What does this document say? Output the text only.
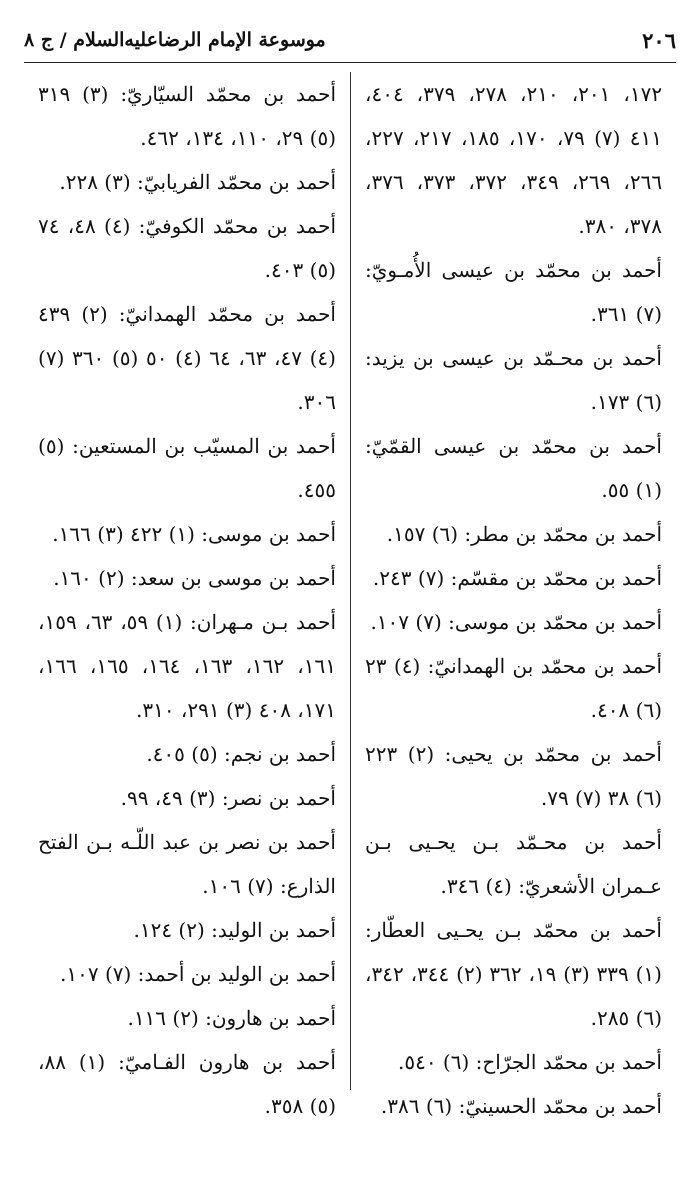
٢٠٦
موسوعة الإمام الرضاعليه‌السلام / ج ٨

١٧٢، ٢٠١، ٢١٠، ٢٧٨، ٣٧٩، ٤٠٤، ٤١١ (٧) ٧٩، ١٧٠، ١٨٥، ٢١٧، ٢٢٧، ٢٦٦، ٢٦٩، ٣٤٩، ٣٧٢، ٣٧٣، ٣٧٦، ٣٧٨، ٣٨٠.

أحمد بن محمّد بن عيسى الأُمـويّ: (٧) ٣٦١.

أحمد بن محـمّد بن عيسى بن يزيد: (٦) ١٧٣.

أحمد بن محمّد بن عيسى القمّيّ: (١) ٥٥.

أحمد بن محمّد بن مطر: (٦) ١٥٧.

أحمد بن محمّد بن مقسّم: (٧) ٢٤٣.

أحمد بن محمّد بن موسى: (٧) ١٠٧.

أحمد بن محمّد بن الهمدانيّ: (٤) ٢٣ (٦) ٤٠٨.

أحمد بن محمّد بن يحيى: (٢) ٢٢٣ (٦) ٣٨ (٧) ٧٩.

أحمد بن محـمّد بـن يحـيى بـن عـمران الأشعريّ: (٤) ٣٤٦.

أحمد بن محمّد بـن يحـيى العطّار: (١) ٣٣٩ (٣) ١٩، ٣٦٢ (٢) ٣٤٤، ٣٤٢، (٦) ٢٨٥.

أحمد بن محمّد الجرّاح: (٦) ٥٤٠.

أحمد بن محمّد الحسينيّ: (٦) ٣٨٦.

أحمد بن محمّد السيّاريّ: (٣) ٣١٩ (٥) ٢٩، ١١٠، ١٣٤، ٤٦٢.

أحمد بن محمّد الفريابيّ: (٣) ٢٢٨.

أحمد بن محمّد الكوفيّ: (٤) ٤٨، ٧٤ (٥) ٤٠٣.

أحمد بن محمّد الهمدانيّ: (٢) ٤٣٩ (٤) ٤٧، ٦٣، ٦٤ (٤) ٥٠ (٥) ٣٦٠ (٧) ٣٠٦.

أحمد بن المسيّب بن المستعين: (٥) ٤٥٥.

أحمد بن موسى: (١) ٤٢٢ (٣) ١٦٦.

أحمد بن موسى بن سعد: (٢) ١٦٠.

أحمد بـن مـهران: (١) ٥٩، ٦٣، ١٥٩، ١٦١، ١٦٢، ١٦٣، ١٦٤، ١٦٥، ١٦٦، ١٧١، ٤٠٨ (٣) ٢٩١، ٣١٠.

أحمد بن نجم: (٥) ٤٠٥.

أحمد بن نصر: (٣) ٤٩، ٩٩.

أحمد بن نصر بن عبد اللّـه بـن الفتح الذارع: (٧) ١٠٦.

أحمد بن الوليد: (٢) ١٢٤.

أحمد بن الوليد بن أحمد: (٧) ١٠٧.

أحمد بن هارون: (٢) ١١٦.

أحمد بن هارون الفـاميّ: (١) ٨٨، (٥) ٣٥٨.
